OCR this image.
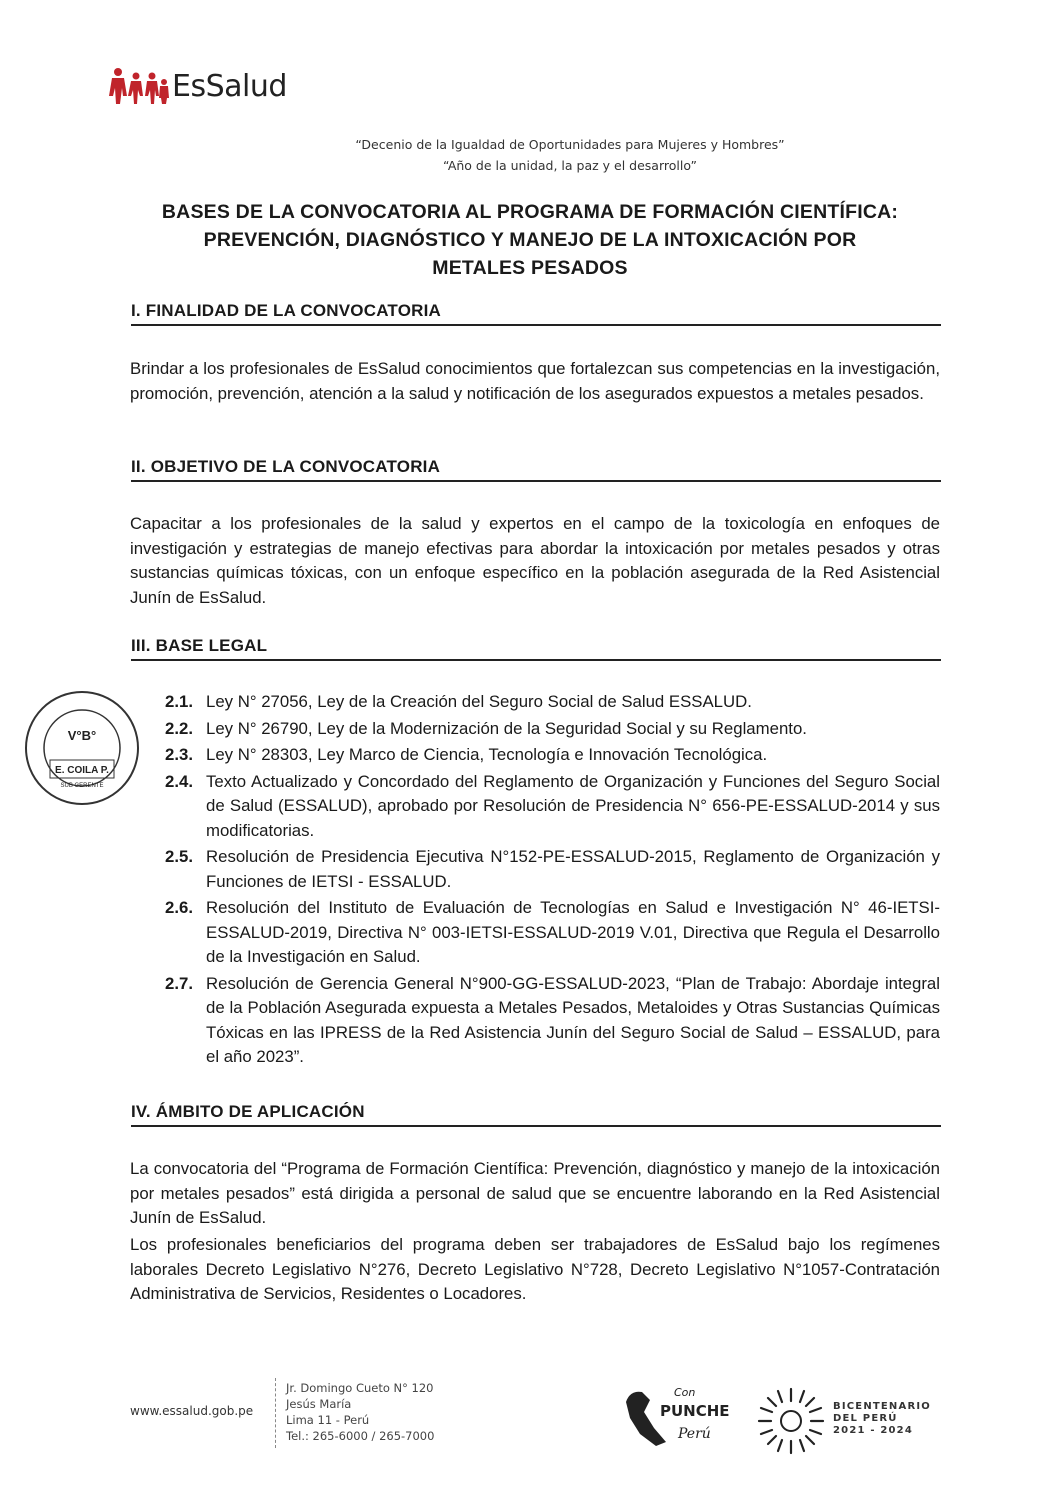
EsSalud
“Decenio de la Igualdad de Oportunidades para Mujeres y Hombres”
“Año de la unidad, la paz y el desarrollo”
BASES DE LA CONVOCATORIA AL PROGRAMA DE FORMACIÓN CIENTÍFICA:
PREVENCIÓN, DIAGNÓSTICO Y MANEJO DE LA INTOXICACIÓN POR
METALES PESADOS
I. FINALIDAD DE LA CONVOCATORIA
Brindar a los profesionales de EsSalud conocimientos que fortalezcan sus competencias en la investigación, promoción, prevención, atención a la salud y notificación de los asegurados expuestos a metales pesados.
II. OBJETIVO DE LA CONVOCATORIA
Capacitar a los profesionales de la salud y expertos en el campo de la toxicología en enfoques de investigación y estrategias de manejo efectivas para abordar la intoxicación por metales pesados y otras sustancias químicas tóxicas, con un enfoque específico en la población asegurada de la Red Asistencial Junín de EsSalud.
III. BASE LEGAL
2.1. Ley N° 27056, Ley de la Creación del Seguro Social de Salud ESSALUD.
2.2. Ley N° 26790, Ley de la Modernización de la Seguridad Social y su Reglamento.
2.3. Ley N° 28303, Ley Marco de Ciencia, Tecnología e Innovación Tecnológica.
2.4. Texto Actualizado y Concordado del Reglamento de Organización y Funciones del Seguro Social de Salud (ESSALUD), aprobado por Resolución de Presidencia N° 656-PE-ESSALUD-2014 y sus modificatorias.
2.5. Resolución de Presidencia Ejecutiva N°152-PE-ESSALUD-2015, Reglamento de Organización y Funciones de IETSI - ESSALUD.
2.6. Resolución del Instituto de Evaluación de Tecnologías en Salud e Investigación N° 46-IETSI-ESSALUD-2019, Directiva N° 003-IETSI-ESSALUD-2019 V.01, Directiva que Regula el Desarrollo de la Investigación en Salud.
2.7. Resolución de Gerencia General N°900-GG-ESSALUD-2023, “Plan de Trabajo: Abordaje integral de la Población Asegurada expuesta a Metales Pesados, Metaloides y Otras Sustancias Químicas Tóxicas en las IPRESS de la Red Asistencia Junín del Seguro Social de Salud – ESSALUD, para el año 2023”.
V°B°
E. COILA P.
SUB GERENTE
IV. ÁMBITO DE APLICACIÓN
La convocatoria del “Programa de Formación Científica: Prevención, diagnóstico y manejo de la intoxicación por metales pesados” está dirigida a personal de salud que se encuentre laborando en la Red Asistencial Junín de EsSalud.
Los profesionales beneficiarios del programa deben ser trabajadores de EsSalud bajo los regímenes laborales Decreto Legislativo N°276, Decreto Legislativo N°728, Decreto Legislativo N°1057-Contratación Administrativa de Servicios, Residentes o Locadores.
www.essalud.gob.pe
Jr. Domingo Cueto N° 120
Jesús María
Lima 11 - Perú
Tel.: 265-6000 / 265-7000
Con
PUNCHE
Perú
BICENTENARIO
DEL PERÚ
2021 - 2024
